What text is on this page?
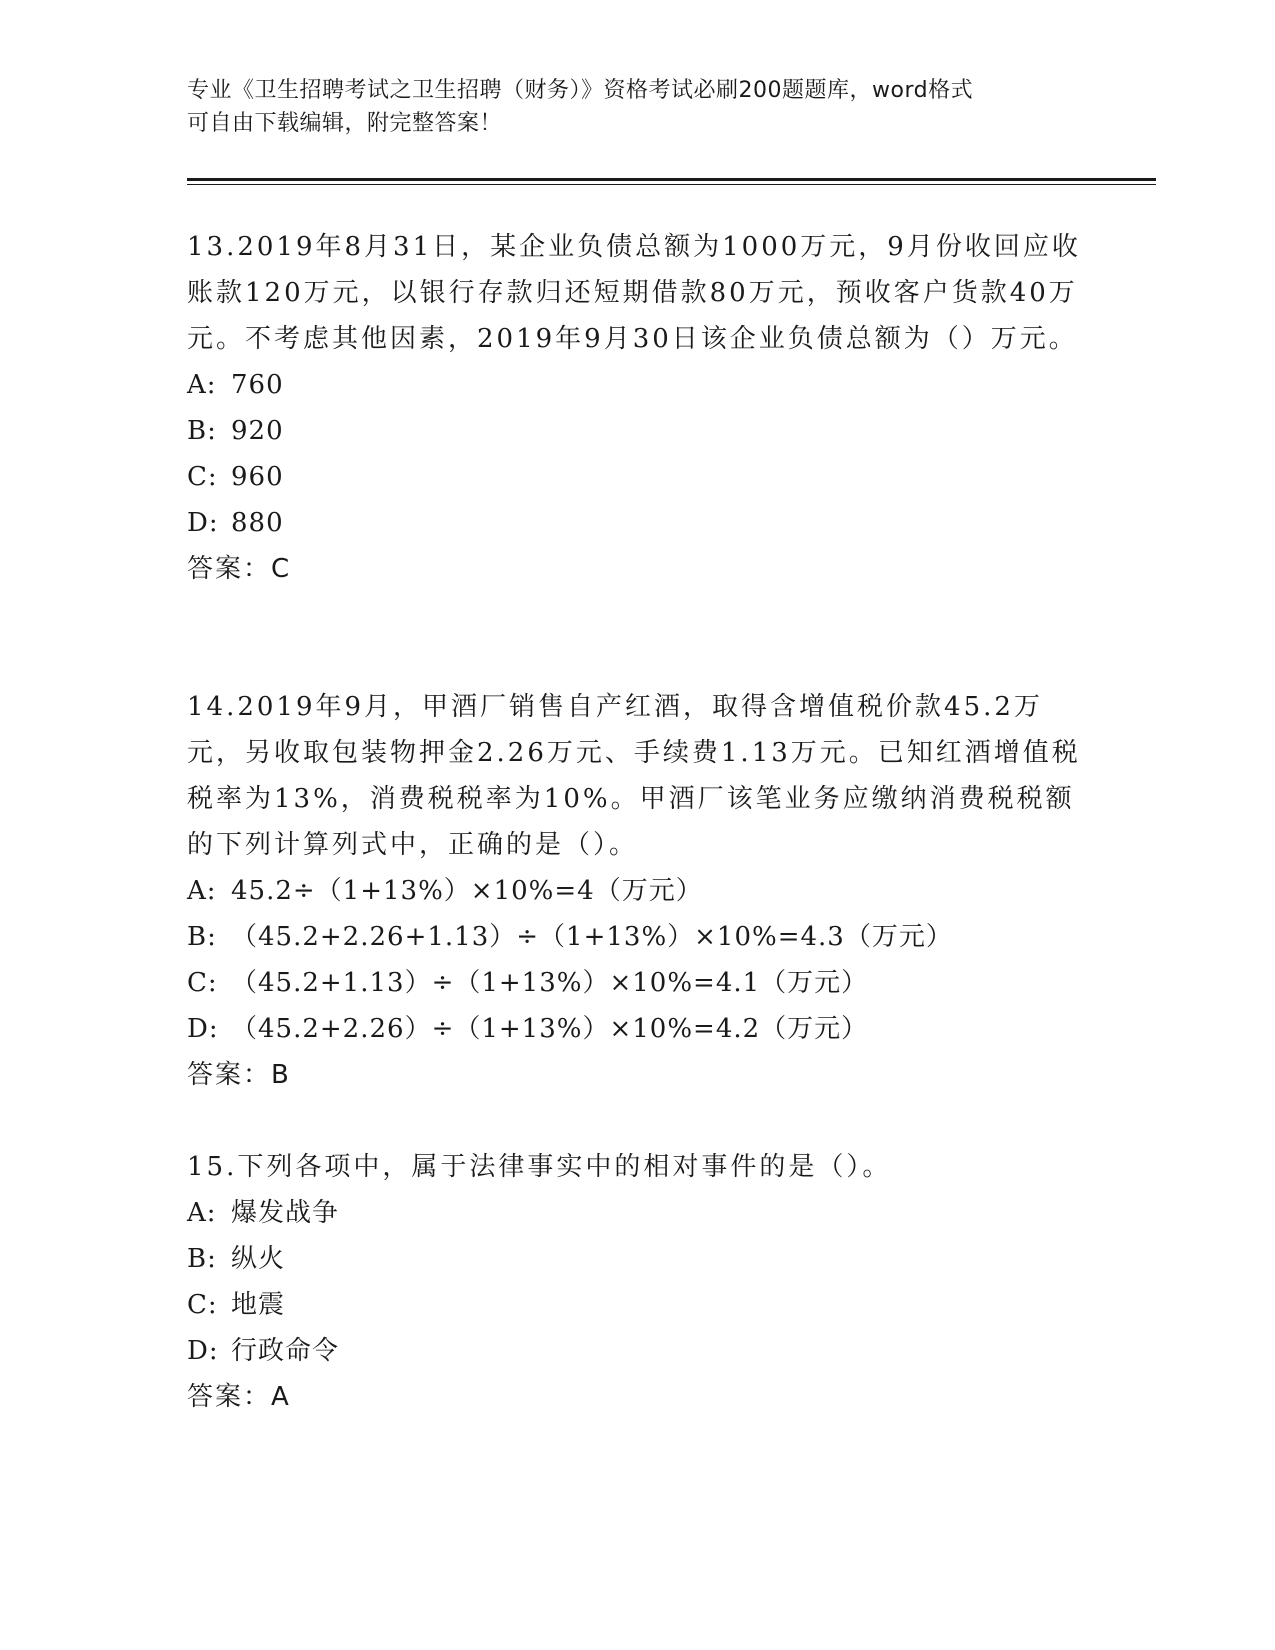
专业《卫生招聘考试之卫生招聘（财务）》资格考试必刷200题题库，word格式
可自由下载编辑，附完整答案！
13.2019年8月31日，某企业负债总额为1000万元，9月份收回应收账款120万元，以银行存款归还短期借款80万元，预收客户货款40万元。不考虑其他因素，2019年9月30日该企业负债总额为（）万元。
A: 760
B: 920
C: 960
D: 880
答案：C
14.2019年9月，甲酒厂销售自产红酒，取得含增值税价款45.2万元，另收取包装物押金2.26万元、手续费1.13万元。已知红酒增值税税率为13%，消费税税率为10%。甲酒厂该笔业务应缴纳消费税税额的下列计算列式中，正确的是（）。
A: 45.2÷（1+13%）×10%=4（万元）
B: （45.2+2.26+1.13）÷（1+13%）×10%=4.3（万元）
C: （45.2+1.13）÷（1+13%）×10%=4.1（万元）
D: （45.2+2.26）÷（1+13%）×10%=4.2（万元）
答案：B
15.下列各项中，属于法律事实中的相对事件的是（）。
A: 爆发战争
B: 纵火
C: 地震
D: 行政命令
答案：A
